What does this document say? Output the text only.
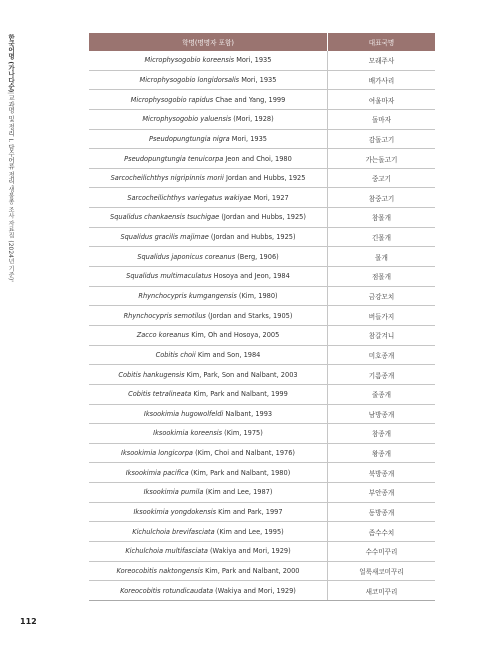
한국어명 (가나다순)|교과명 및 정리 I. 담수어류 정리
'생물종 조사 자료집 (2024년 기준)'
학명(명명자 포함)	대표국명
Microphysogobio koreensis Mori, 1935	모래주사
Microphysogobio longidorsalis Mori, 1935	배가사리
Microphysogobio rapidus Chae and Yang, 1999	여울마자
Microphysogobio yaluensis (Mori, 1928)	돌마자
Pseudopungtungia nigra Mori, 1935	감돌고기
Pseudopungtungia tenuicorpa Jeon and Choi, 1980	가는돌고기
Sarcocheilichthys nigripinnis morii Jordan and Hubbs, 1925	중고기
Sarcocheilichthys variegatus wakiyae Mori, 1927	참중고기
Squalidus chankaensis tsuchigae (Jordan and Hubbs, 1925)	참몰개
Squalidus gracilis majimae (Jordan and Hubbs, 1925)	긴몰개
Squalidus japonicus coreanus (Berg, 1906)	몰개
Squalidus multimaculatus Hosoya and Jeon, 1984	점몰개
Rhynchocypris kumgangensis (Kim, 1980)	금강모치
Rhynchocypris semotilus (Jordan and Starks, 1905)	버들가지
Zacco koreanus Kim, Oh and Hosoya, 2005	참갈겨니
Cobitis choii Kim and Son, 1984	미호종개
Cobitis hankugensis Kim, Park, Son and Nalbant, 2003	기름종개
Cobitis tetralineata Kim, Park and Nalbant, 1999	줄종개
Iksookimia hugowolfeldi Nalbant, 1993	남방종개
Iksookimia koreensis (Kim, 1975)	참종개
Iksookimia longicorpa (Kim, Choi and Nalbant, 1976)	왕종개
Iksookimia pacifica (Kim, Park and Nalbant, 1980)	북방종개
Iksookimia pumila (Kim and Lee, 1987)	부안종개
Iksookimia yongdokensis Kim and Park, 1997	동방종개
Kichulchoia brevifasciata (Kim and Lee, 1995)	좀수수치
Kichulchoia multifasciata (Wakiya and Mori, 1929)	수수미꾸리
Koreocobitis naktongensis Kim, Park and Nalbant, 2000	얼룩새코미꾸리
Koreocobitis rotundicaudata (Wakiya and Mori, 1929)	새코미꾸리
112
